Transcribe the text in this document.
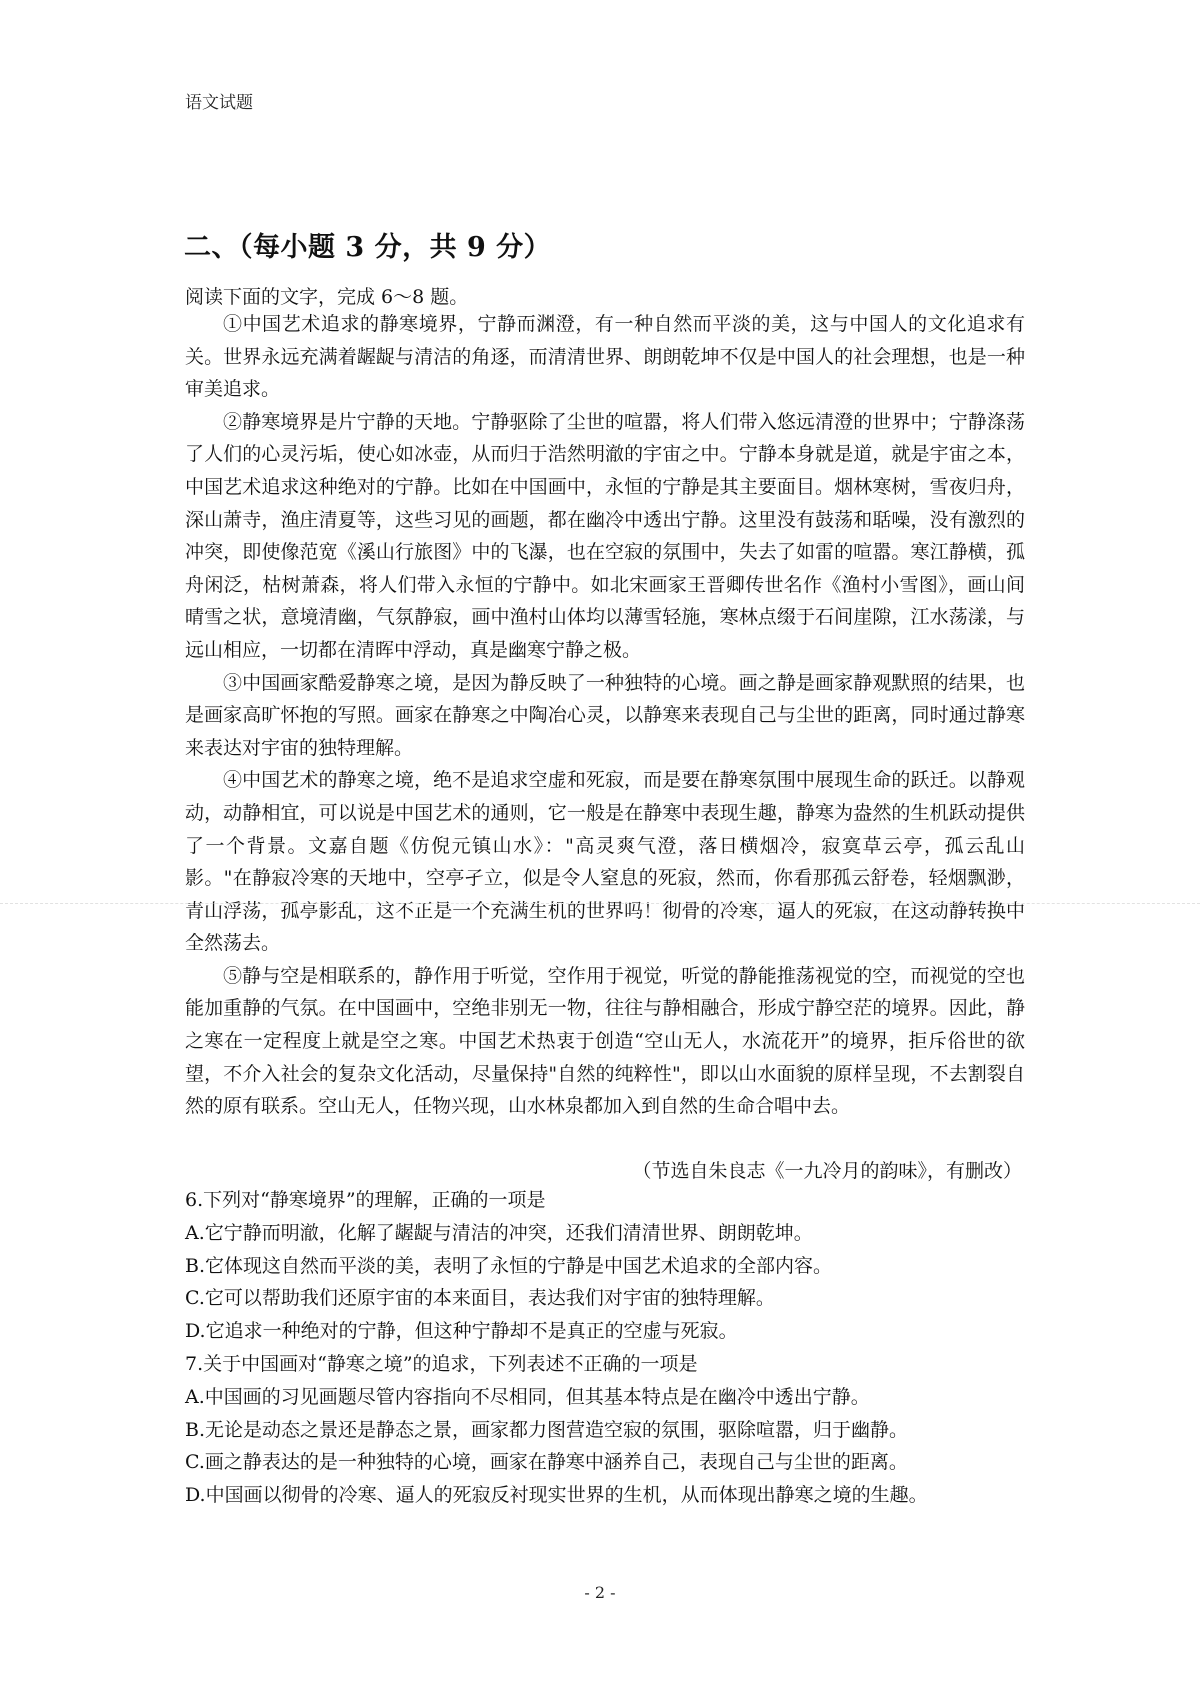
语文试题
二、（每小题 3 分，共 9 分）
阅读下面的文字，完成 6～8 题。

①中国艺术追求的静寒境界，宁静而渊澄，有一种自然而平淡的美，这与中国人的文化追求有关。世界永远充满着龌龊与清洁的角逐，而清清世界、朗朗乾坤不仅是中国人的社会理想，也是一种审美追求。

②静寒境界是片宁静的天地。宁静驱除了尘世的喧嚣，将人们带入悠远清澄的世界中；宁静涤荡了人们的心灵污垢，使心如冰壶，从而归于浩然明澈的宇宙之中。宁静本身就是道，就是宇宙之本，中国艺术追求这种绝对的宁静。比如在中国画中，永恒的宁静是其主要面目。烟林寒树，雪夜归舟，深山萧寺，渔庄清夏等，这些习见的画题，都在幽冷中透出宁静。这里没有鼓荡和聒噪，没有激烈的冲突，即使像范宽《溪山行旅图》中的飞瀑，也在空寂的氛围中，失去了如雷的喧嚣。寒江静横，孤舟闲泛，枯树萧森，将人们带入永恒的宁静中。如北宋画家王晋卿传世名作《渔村小雪图》，画山间晴雪之状，意境清幽，气氛静寂，画中渔村山体均以薄雪轻施，寒林点缀于石间崖隙，江水荡漾，与远山相应，一切都在清晖中浮动，真是幽寒宁静之极。

③中国画家酷爱静寒之境，是因为静反映了一种独特的心境。画之静是画家静观默照的结果，也是画家高旷怀抱的写照。画家在静寒之中陶冶心灵，以静寒来表现自己与尘世的距离，同时通过静寒来表达对宇宙的独特理解。

④中国艺术的静寒之境，绝不是追求空虚和死寂，而是要在静寒氛围中展现生命的跃迁。以静观动，动静相宜，可以说是中国艺术的通则，它一般是在静寒中表现生趣，静寒为盎然的生机跃动提供了一个背景。文嘉自题《仿倪元镇山水》："高灵爽气澄，落日横烟冷，寂寞草云亭，孤云乱山影。"在静寂冷寒的天地中，空亭孑立，似是令人窒息的死寂，然而，你看那孤云舒卷，轻烟飘渺，青山浮荡，孤亭影乱，这不正是一个充满生机的世界吗！彻骨的冷寒，逼人的死寂，在这动静转换中全然荡去。

⑤静与空是相联系的，静作用于听觉，空作用于视觉，听觉的静能推荡视觉的空，而视觉的空也能加重静的气氛。在中国画中，空绝非别无一物，往往与静相融合，形成宁静空茫的境界。因此，静之寒在一定程度上就是空之寒。中国艺术热衷于创造“空山无人，水流花开”的境界，拒斥俗世的欲望，不介入社会的复杂文化活动，尽量保持"自然的纯粹性"，即以山水面貌的原样呈现，不去割裂自然的原有联系。空山无人，任物兴现，山水林泉都加入到自然的生命合唱中去。

（节选自朱良志《一九冷月的韵味》，有删改）

6.下列对“静寒境界”的理解，正确的一项是

A.它宁静而明澈，化解了龌龊与清洁的冲突，还我们清清世界、朗朗乾坤。

B.它体现这自然而平淡的美，表明了永恒的宁静是中国艺术追求的全部内容。

C.它可以帮助我们还原宇宙的本来面目，表达我们对宇宙的独特理解。

D.它追求一种绝对的宁静，但这种宁静却不是真正的空虚与死寂。

7.关于中国画对“静寒之境”的追求，下列表述不正确的一项是

A.中国画的习见画题尽管内容指向不尽相同，但其基本特点是在幽冷中透出宁静。

B.无论是动态之景还是静态之景，画家都力图营造空寂的氛围，驱除喧嚣，归于幽静。

C.画之静表达的是一种独特的心境，画家在静寒中涵养自己，表现自己与尘世的距离。

D.中国画以彻骨的冷寒、逼人的死寂反衬现实世界的生机，从而体现出静寒之境的生趣。

- 2 -
